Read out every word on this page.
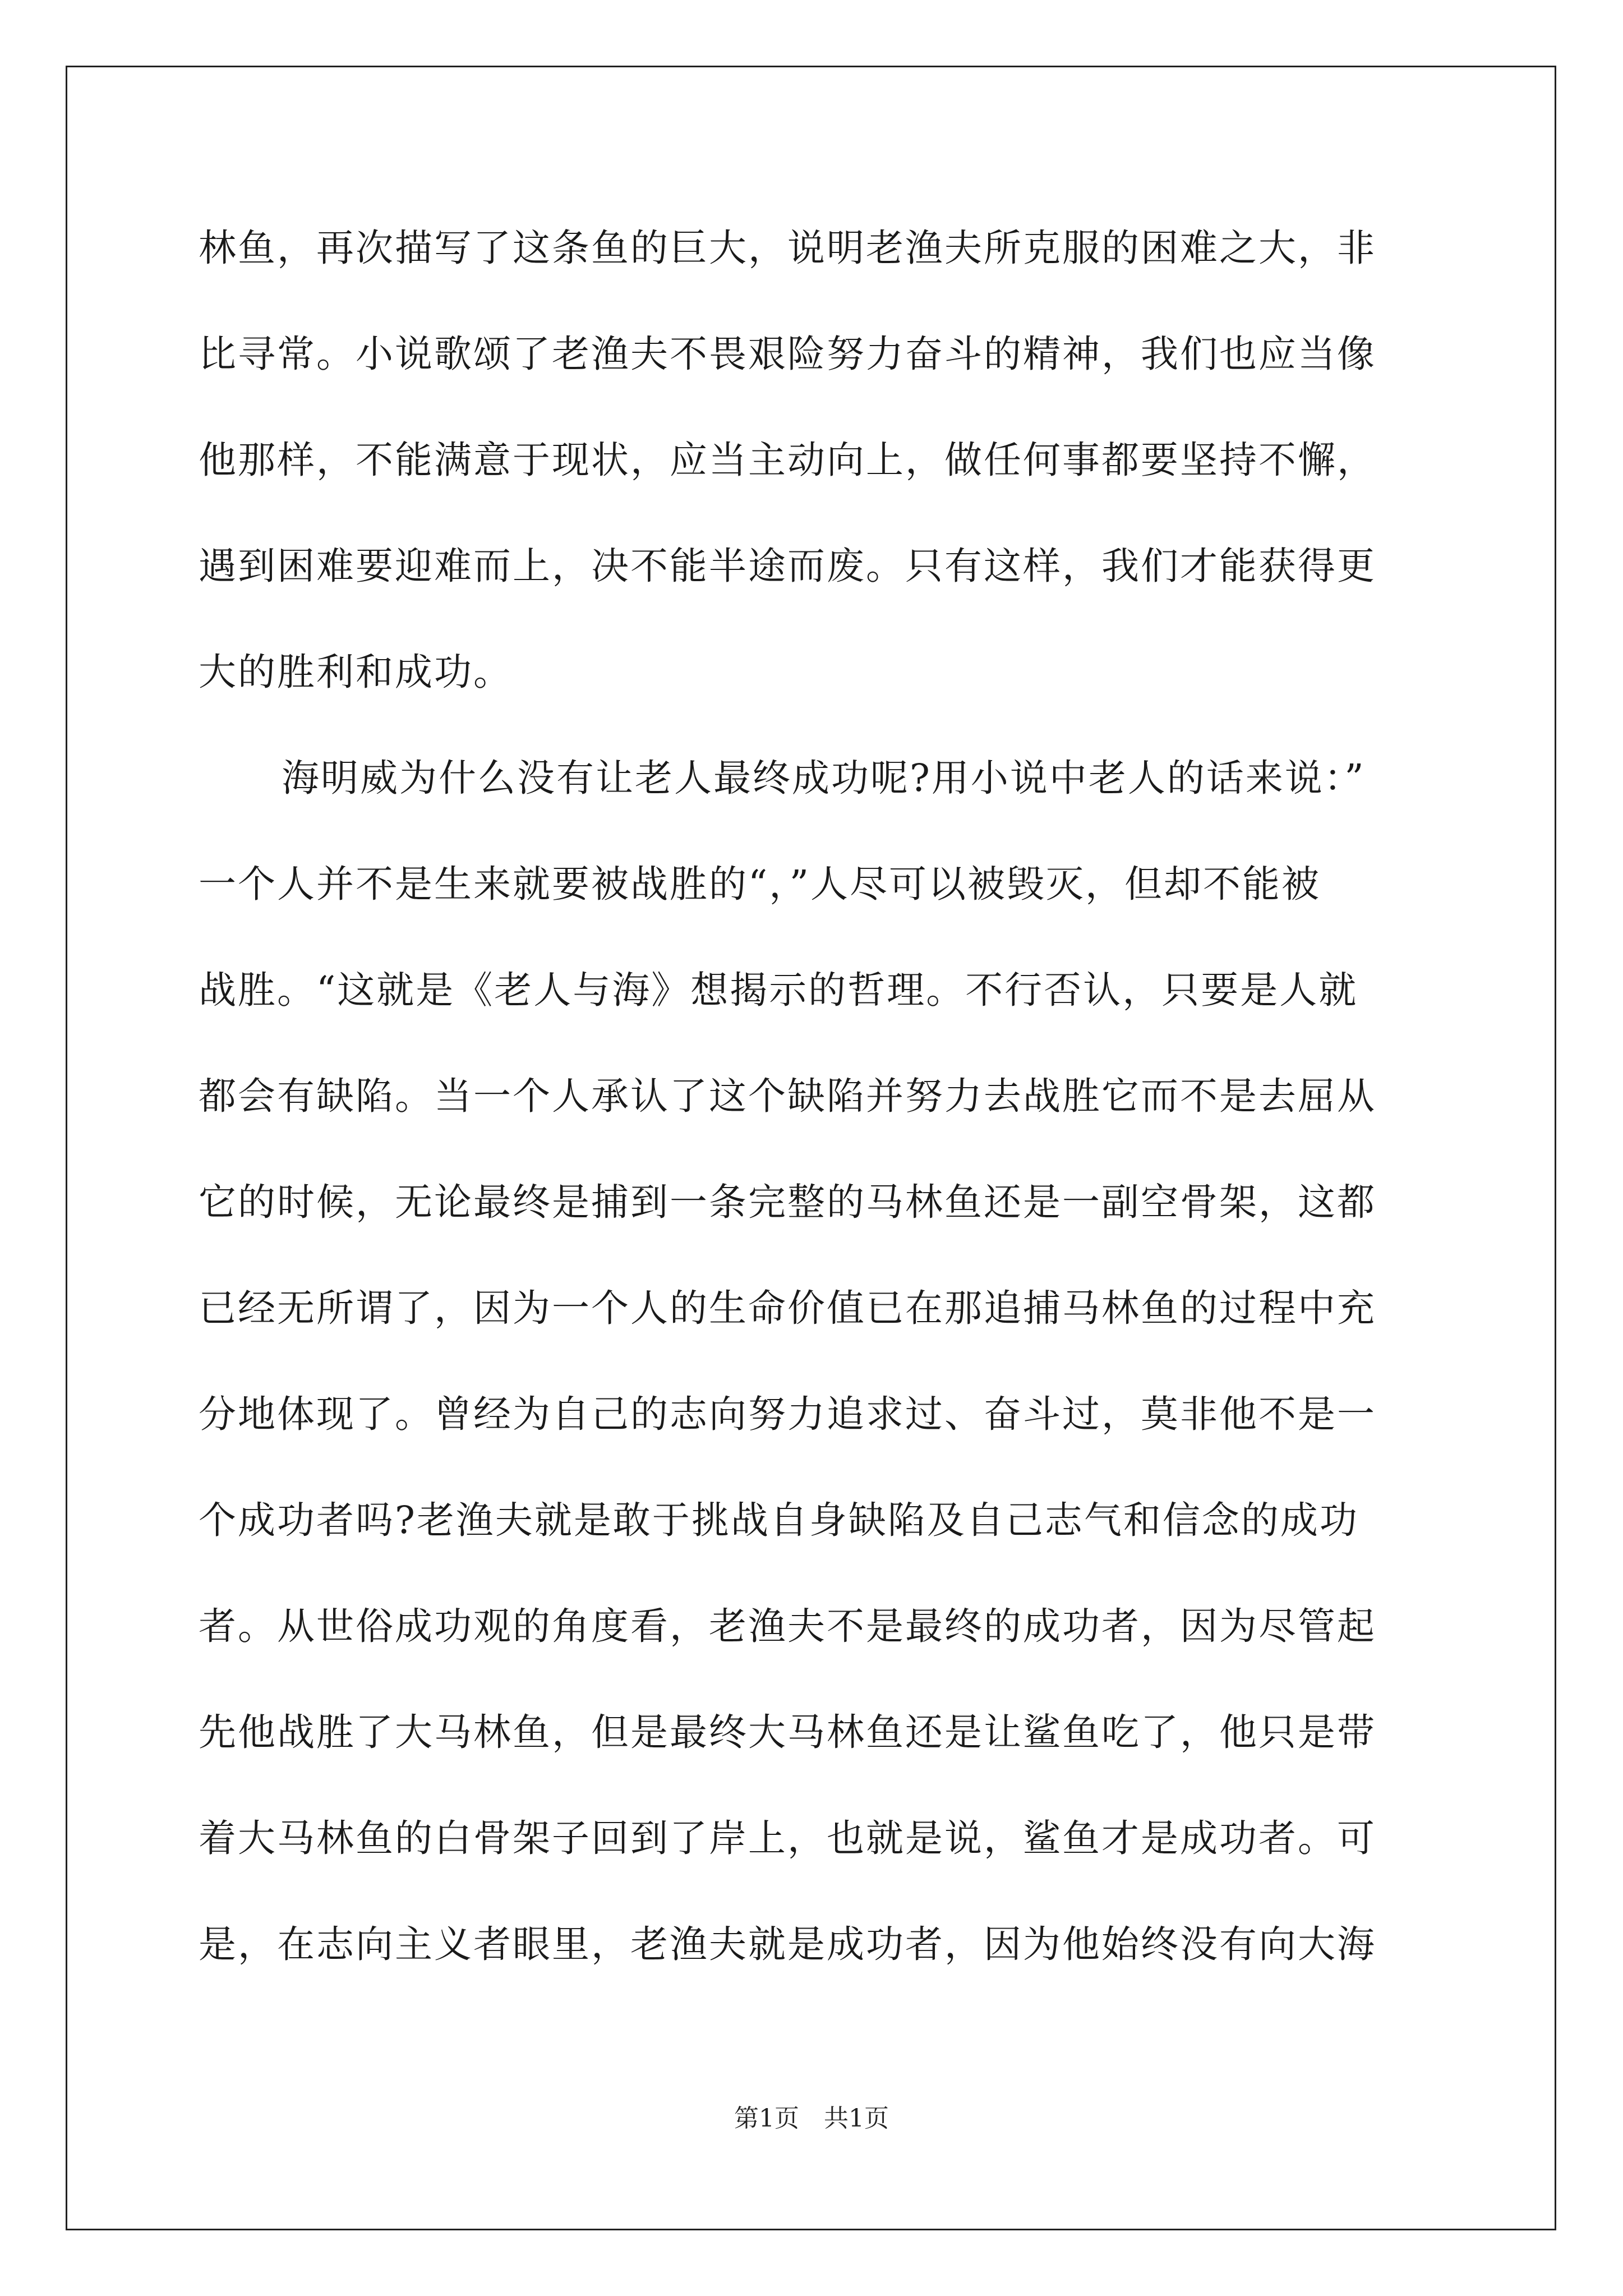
林鱼，再次描写了这条鱼的巨大，说明老渔夫所克服的困难之大，非
比寻常。小说歌颂了老渔夫不畏艰险努力奋斗的精神，我们也应当像
他那样，不能满意于现状，应当主动向上，做任何事都要坚持不懈，
遇到困难要迎难而上，决不能半途而废。只有这样，我们才能获得更
大的胜利和成功。
海明威为什么没有让老人最终成功呢?用小说中老人的话来说：”
一个人并不是生来就要被战胜的“，”人尽可以被毁灭，但却不能被
战胜。“这就是《老人与海》想揭示的哲理。不行否认，只要是人就
都会有缺陷。当一个人承认了这个缺陷并努力去战胜它而不是去屈从
它的时候，无论最终是捕到一条完整的马林鱼还是一副空骨架，这都
已经无所谓了，因为一个人的生命价值已在那追捕马林鱼的过程中充
分地体现了。曾经为自己的志向努力追求过、奋斗过，莫非他不是一
个成功者吗?老渔夫就是敢于挑战自身缺陷及自己志气和信念的成功
者。从世俗成功观的角度看，老渔夫不是最终的成功者，因为尽管起
先他战胜了大马林鱼，但是最终大马林鱼还是让鲨鱼吃了，他只是带
着大马林鱼的白骨架子回到了岸上，也就是说，鲨鱼才是成功者。可
是，在志向主义者眼里，老渔夫就是成功者，因为他始终没有向大海
第1页　共1页
